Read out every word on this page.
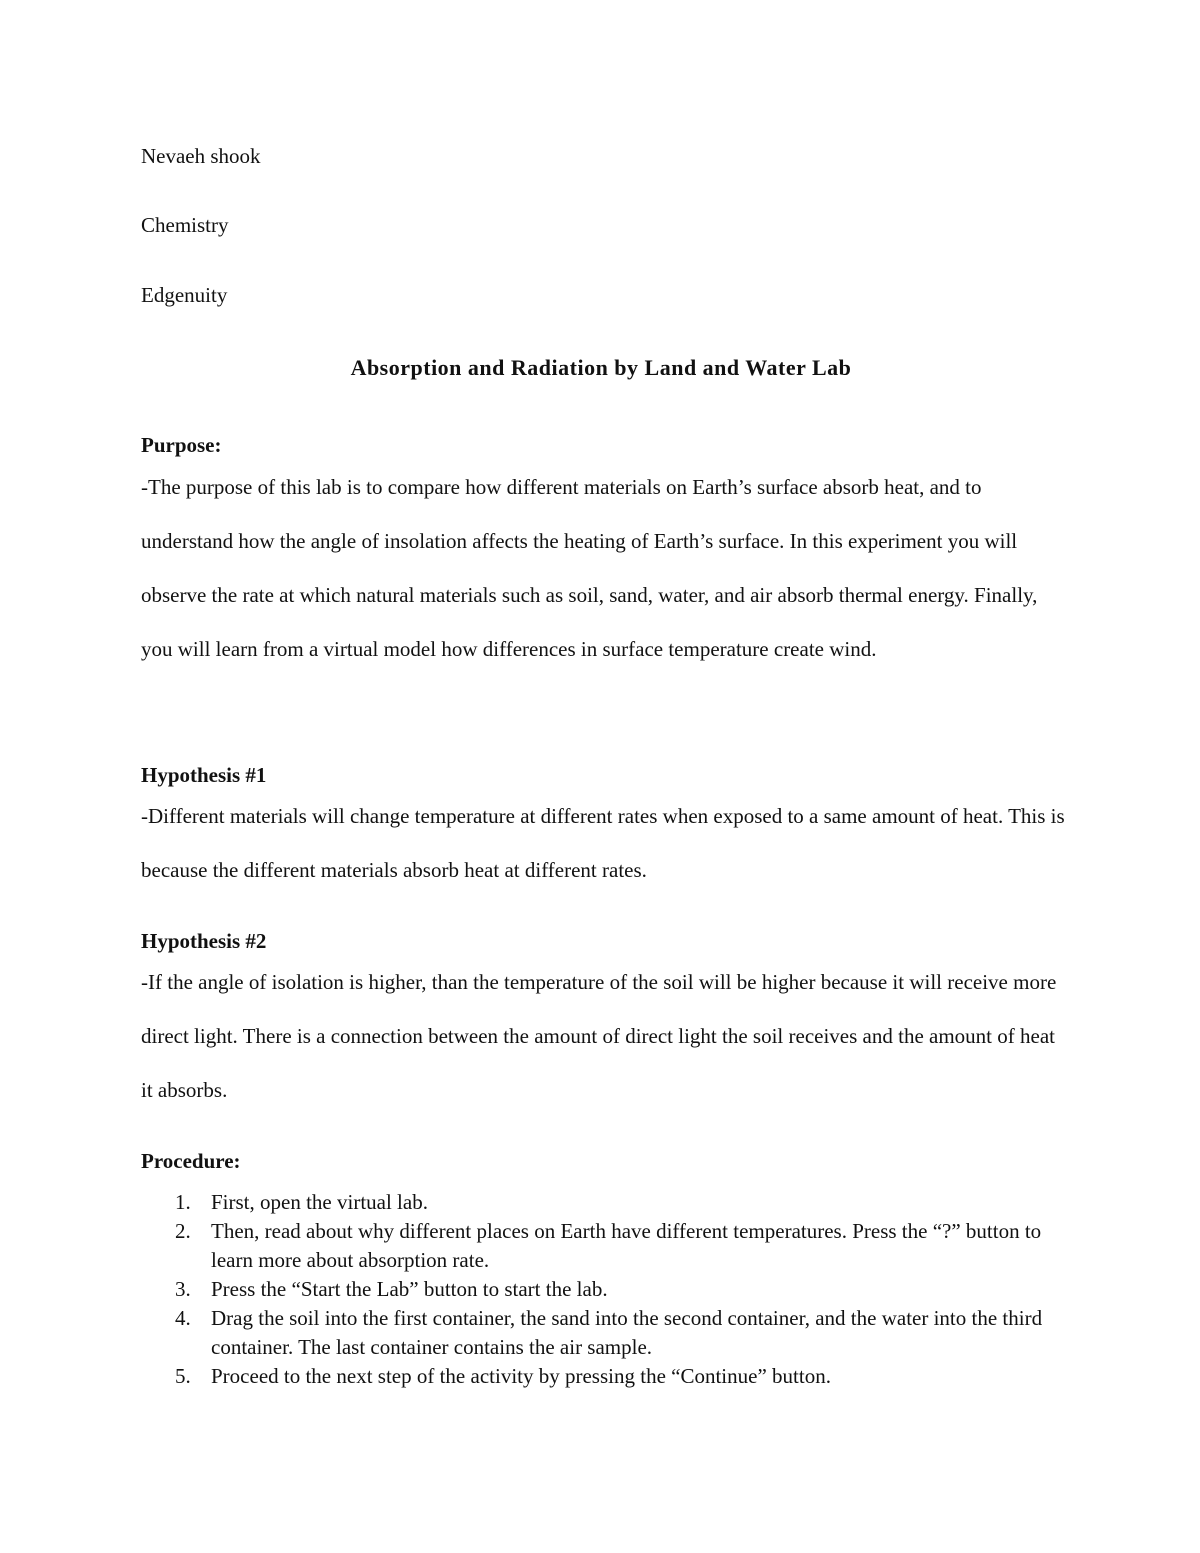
Nevaeh shook

Chemistry

Edgenuity

Absorption and Radiation by Land and Water Lab
Purpose:

-The purpose of this lab is to compare how different materials on Earth’s surface absorb heat, and to understand how the angle of insolation affects the heating of Earth’s surface. In this experiment you will observe the rate at which natural materials such as soil, sand, water, and air absorb thermal energy. Finally, you will learn from a virtual model how differences in surface temperature create wind.

Hypothesis #1

-Different materials will change temperature at different rates when exposed to a same amount of heat. This is because the different materials absorb heat at different rates.

Hypothesis #2

-If the angle of isolation is higher, than the temperature of the soil will be higher because it will receive more direct light. There is a connection between the amount of direct light the soil receives and the amount of heat it absorbs.

Procedure:
1. First, open the virtual lab.
2. Then, read about why different places on Earth have different temperatures. Press the “?” button to learn more about absorption rate.
3. Press the “Start the Lab” button to start the lab.
4. Drag the soil into the first container, the sand into the second container, and the water into the third container. The last container contains the air sample.
5. Proceed to the next step of the activity by pressing the “Continue” button.
